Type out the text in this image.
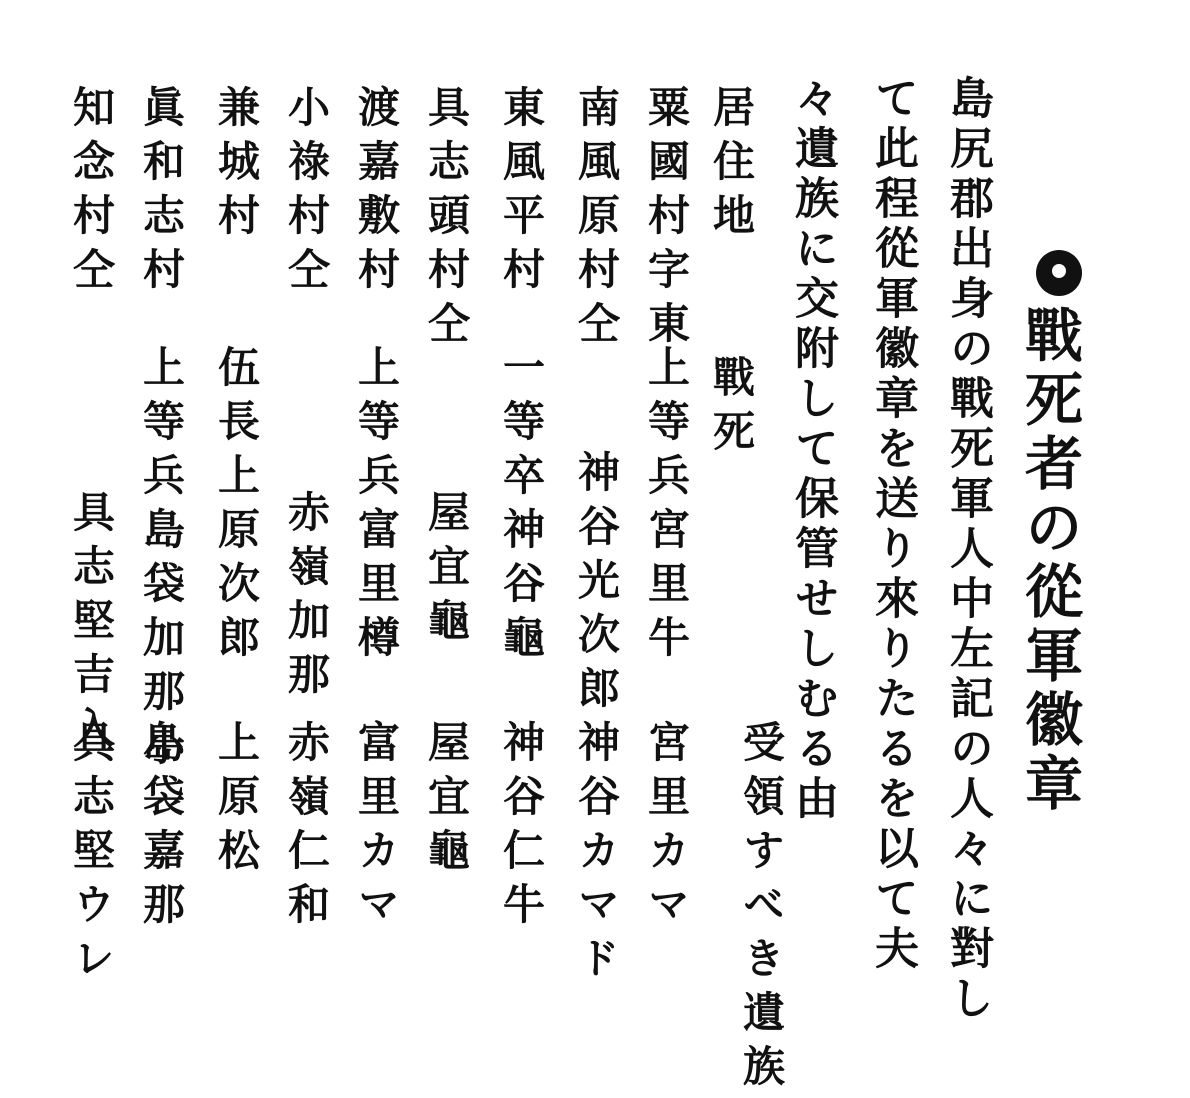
戰死者の從軍徽章
島尻郡出身の戰死軍人中左記の人々に對し
て此程從軍徽章を送り來りたるを以て夫
々遺族に交附して保管せしむる由
居住地
戰死
受領すべき遺族
粟國村字東
上等兵宮里牛
宮里カマ
南風原村仝
神谷光次郎
神谷カマド
東風平村
一等卒神谷龜
神谷仁牛
具志頭村仝
屋宜龜
屋宜龜
渡嘉敷村
上等兵富里樽
富里カマ
小祿村仝
赤嶺加那
赤嶺仁和
兼城村
伍長上原次郎
上原松
眞和志村
上等兵島袋加那小
島袋嘉那
知念村仝
具志堅吉入
具志堅ウレ
